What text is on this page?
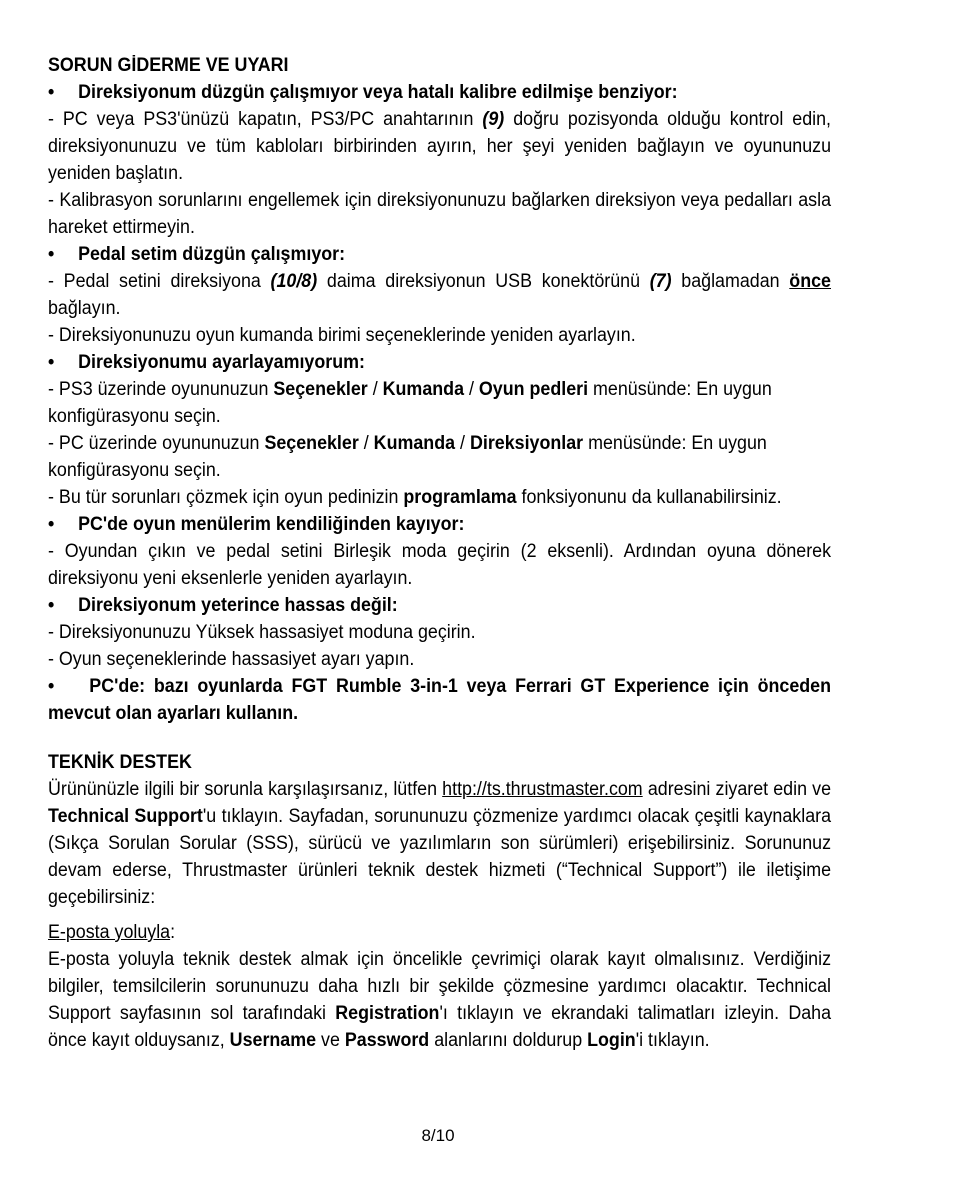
SORUN GİDERME VE UYARI

• Direksiyonum düzgün çalışmıyor veya hatalı kalibre edilmişe benziyor:

- PC veya PS3'ünüzü kapatın, PS3/PC anahtarının (9) doğru pozisyonda olduğu kontrol edin, direksiyonunuzu ve tüm kabloları birbirinden ayırın, her şeyi yeniden bağlayın ve oyununuzu yeniden başlatın.

- Kalibrasyon sorunlarını engellemek için direksiyonunuzu bağlarken direksiyon veya pedalları asla hareket ettirmeyin.

• Pedal setim düzgün çalışmıyor:

- Pedal setini direksiyona (10/8) daima direksiyonun USB konektörünü (7) bağlamadan önce bağlayın.

- Direksiyonunuzu oyun kumanda birimi seçeneklerinde yeniden ayarlayın.

• Direksiyonumu ayarlayamıyorum:

- PS3 üzerinde oyununuzun Seçenekler / Kumanda / Oyun pedleri menüsünde: En uygun konfigürasyonu seçin.

- PC üzerinde oyununuzun Seçenekler / Kumanda / Direksiyonlar menüsünde: En uygun konfigürasyonu seçin.

- Bu tür sorunları çözmek için oyun pedinizin programlama fonksiyonunu da kullanabilirsiniz.

• PC'de oyun menülerim kendiliğinden kayıyor:

- Oyundan çıkın ve pedal setini Birleşik moda geçirin (2 eksenli). Ardından oyuna dönerek direksiyonu yeni eksenlerle yeniden ayarlayın.

• Direksiyonum yeterince hassas değil:

- Direksiyonunuzu Yüksek hassasiyet moduna geçirin.

- Oyun seçeneklerinde hassasiyet ayarı yapın.

• PC'de: bazı oyunlarda FGT Rumble 3-in-1 veya Ferrari GT Experience için önceden mevcut olan ayarları kullanın.

TEKNİK DESTEK

Ürününüzle ilgili bir sorunla karşılaşırsanız, lütfen http://ts.thrustmaster.com adresini ziyaret edin ve Technical Support'u tıklayın. Sayfadan, sorununuzu çözmenize yardımcı olacak çeşitli kaynaklara (Sıkça Sorulan Sorular (SSS), sürücü ve yazılımların son sürümleri) erişebilirsiniz. Sorununuz devam ederse, Thrustmaster ürünleri teknik destek hizmeti (“Technical Support”) ile iletişime geçebilirsiniz:

E-posta yoluyla:

E-posta yoluyla teknik destek almak için öncelikle çevrimiçi olarak kayıt olmalısınız. Verdiğiniz bilgiler, temsilcilerin sorununuzu daha hızlı bir şekilde çözmesine yardımcı olacaktır. Technical Support sayfasının sol tarafındaki Registration'ı tıklayın ve ekrandaki talimatları izleyin. Daha önce kayıt olduysanız, Username ve Password alanlarını doldurup Login'i tıklayın.

8/10
